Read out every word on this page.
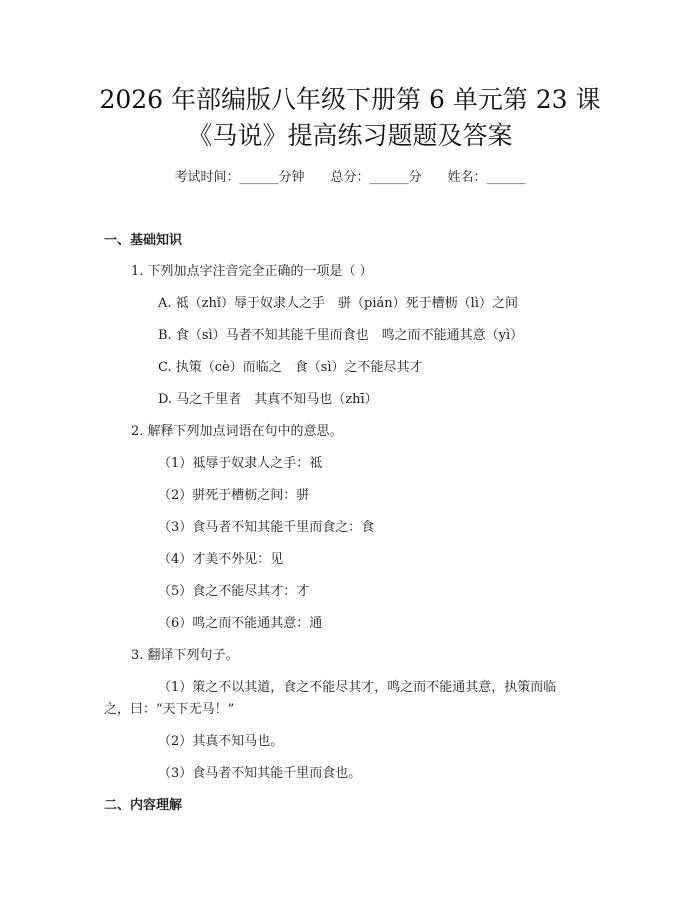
2026 年部编版八年级下册第 6 单元第 23 课
《马说》提高练习题题及答案
考试时间：______分钟 总分：______分 姓名：______
一、基础知识
1. 下列加点字注音完全正确的一项是（ ）
A. 祗（zhǐ）辱于奴隶人之手　骈（pián）死于槽枥（lì）之间
B. 食（sì）马者不知其能千里而食也　鸣之而不能通其意（yì）
C. 执策（cè）而临之　食（sì）之不能尽其才
D. 马之千里者　其真不知马也（zhī）
2. 解释下列加点词语在句中的意思。
（1）祗辱于奴隶人之手：祗
（2）骈死于槽枥之间：骈
（3）食马者不知其能千里而食之：食
（4）才美不外见：见
（5）食之不能尽其才：才
（6）鸣之而不能通其意：通
3. 翻译下列句子。
（1）策之不以其道，食之不能尽其才，鸣之而不能通其意，执策而临
之，曰：“天下无马！”
（2）其真不知马也。
（3）食马者不知其能千里而食也。
二、内容理解
